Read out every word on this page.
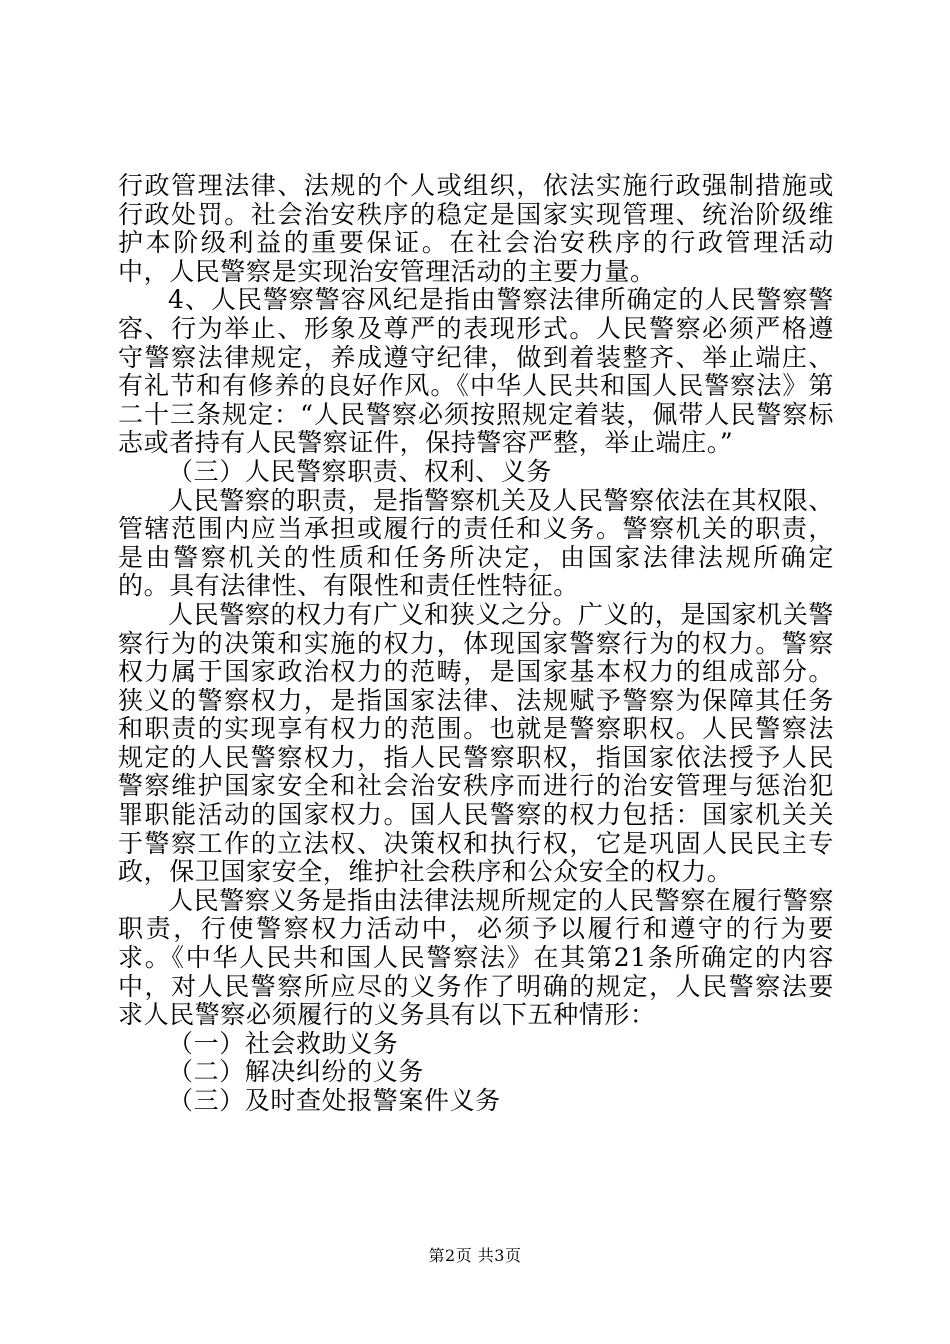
行政管理法律、法规的个人或组织，依法实施行政强制措施或行政处罚。社会治安秩序的稳定是国家实现管理、统治阶级维护本阶级利益的重要保证。在社会治安秩序的行政管理活动中，人民警察是实现治安管理活动的主要力量。

4、人民警察警容风纪是指由警察法律所确定的人民警察警容、行为举止、形象及尊严的表现形式。人民警察必须严格遵守警察法律规定，养成遵守纪律，做到着装整齐、举止端庄、有礼节和有修养的良好作风。《中华人民共和国人民警察法》第二十三条规定：“人民警察必须按照规定着装，佩带人民警察标志或者持有人民警察证件，保持警容严整，举止端庄。”

（三）人民警察职责、权利、义务

人民警察的职责，是指警察机关及人民警察依法在其权限、管辖范围内应当承担或履行的责任和义务。警察机关的职责，是由警察机关的性质和任务所决定，由国家法律法规所确定的。具有法律性、有限性和责任性特征。

人民警察的权力有广义和狭义之分。广义的，是国家机关警察行为的决策和实施的权力，体现国家警察行为的权力。警察权力属于国家政治权力的范畴，是国家基本权力的组成部分。狭义的警察权力，是指国家法律、法规赋予警察为保障其任务和职责的实现享有权力的范围。也就是警察职权。人民警察法规定的人民警察权力，指人民警察职权，指国家依法授予人民警察维护国家安全和社会治安秩序而进行的治安管理与惩治犯罪职能活动的国家权力。国人民警察的权力包括：国家机关关于警察工作的立法权、决策权和执行权，它是巩固人民民主专政，保卫国家安全，维护社会秩序和公众安全的权力。

人民警察义务是指由法律法规所规定的人民警察在履行警察职责，行使警察权力活动中，必须予以履行和遵守的行为要求。《中华人民共和国人民警察法》在其第21条所确定的内容中，对人民警察所应尽的义务作了明确的规定，人民警察法要求人民警察必须履行的义务具有以下五种情形：

（一）社会救助义务

（二）解决纠纷的义务

（三）及时查处报警案件义务

第2页 共3页
